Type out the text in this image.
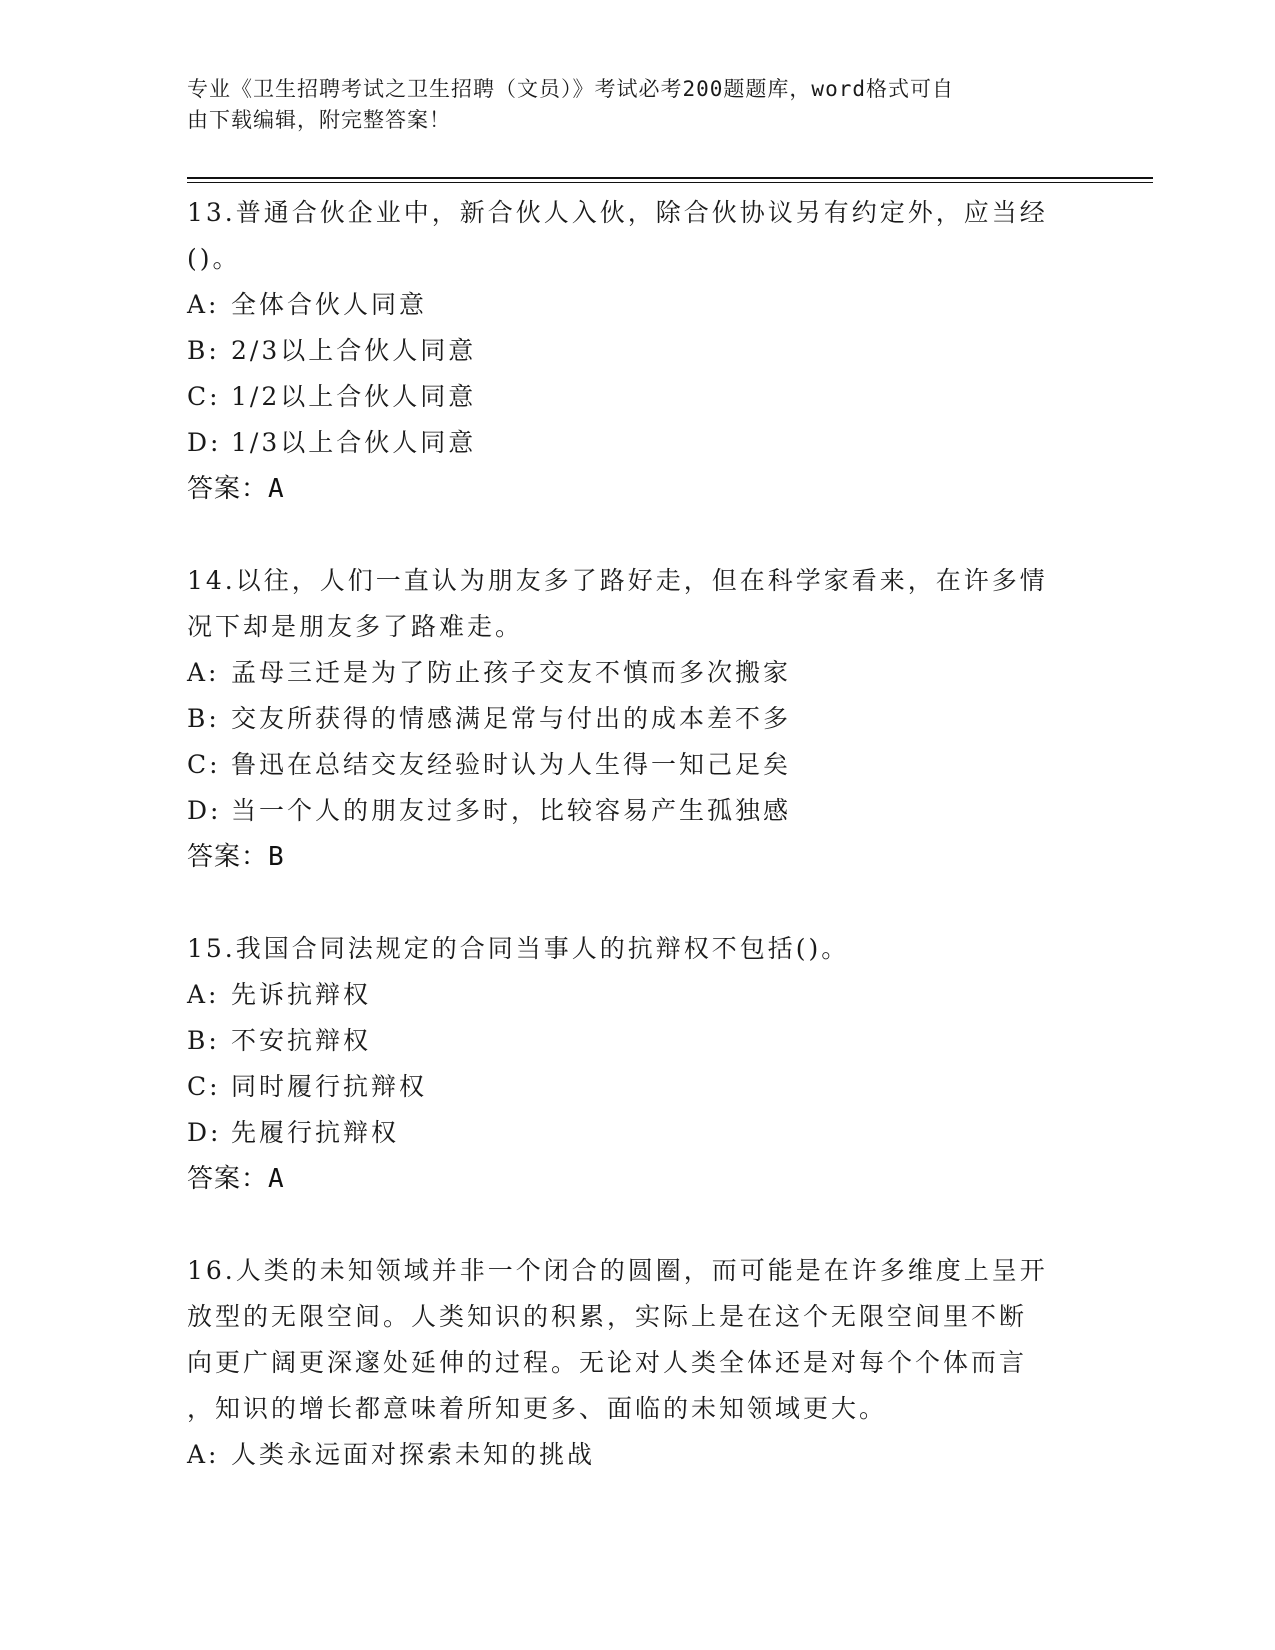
专业《卫生招聘考试之卫生招聘（文员）》考试必考200题题库，word格式可自
由下载编辑，附完整答案！
13.普通合伙企业中，新合伙人入伙，除合伙协议另有约定外，应当经
()。
A: 全体合伙人同意
B: 2/3以上合伙人同意
C: 1/2以上合伙人同意
D: 1/3以上合伙人同意
答案：A
14.以往，人们一直认为朋友多了路好走，但在科学家看来，在许多情
况下却是朋友多了路难走。
A: 孟母三迁是为了防止孩子交友不慎而多次搬家
B: 交友所获得的情感满足常与付出的成本差不多
C: 鲁迅在总结交友经验时认为人生得一知己足矣
D: 当一个人的朋友过多时，比较容易产生孤独感
答案：B
15.我国合同法规定的合同当事人的抗辩权不包括()。
A: 先诉抗辩权
B: 不安抗辩权
C: 同时履行抗辩权
D: 先履行抗辩权
答案：A
16.人类的未知领域并非一个闭合的圆圈，而可能是在许多维度上呈开
放型的无限空间。人类知识的积累，实际上是在这个无限空间里不断
向更广阔更深邃处延伸的过程。无论对人类全体还是对每个个体而言
，知识的增长都意味着所知更多、面临的未知领域更大。
A: 人类永远面对探索未知的挑战
